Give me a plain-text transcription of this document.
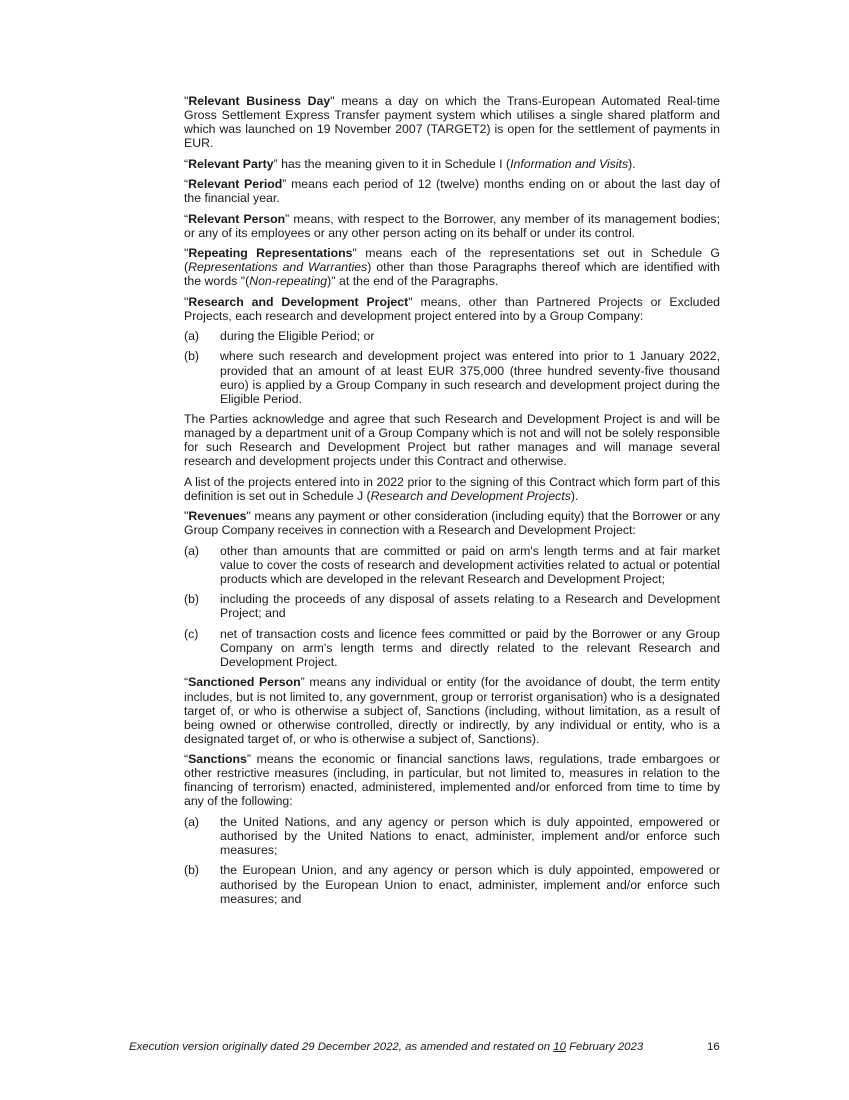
"Relevant Business Day" means a day on which the Trans-European Automated Real-time Gross Settlement Express Transfer payment system which utilises a single shared platform and which was launched on 19 November 2007 (TARGET2) is open for the settlement of payments in EUR.

“Relevant Party” has the meaning given to it in Schedule I (Information and Visits).

“Relevant Period” means each period of 12 (twelve) months ending on or about the last day of the financial year.

“Relevant Person” means, with respect to the Borrower, any member of its management bodies; or any of its employees or any other person acting on its behalf or under its control.

"Repeating Representations" means each of the representations set out in Schedule G (Representations and Warranties) other than those Paragraphs thereof which are identified with the words "(Non-repeating)" at the end of the Paragraphs.

"Research and Development Project" means, other than Partnered Projects or Excluded Projects, each research and development project entered into by a Group Company:

(a)	during the Eligible Period; or
(b)	where such research and development project was entered into prior to 1 January 2022, provided that an amount of at least EUR 375,000 (three hundred seventy-five thousand euro) is applied by a Group Company in such research and development project during the Eligible Period.

The Parties acknowledge and agree that such Research and Development Project is and will be managed by a department unit of a Group Company which is not and will not be solely responsible for such Research and Development Project but rather manages and will manage several research and development projects under this Contract and otherwise.

A list of the projects entered into in 2022 prior to the signing of this Contract which form part of this definition is set out in Schedule J (Research and Development Projects).

"Revenues" means any payment or other consideration (including equity) that the Borrower or any Group Company receives in connection with a Research and Development Project:

(a)	other than amounts that are committed or paid on arm's length terms and at fair market value to cover the costs of research and development activities related to actual or potential products which are developed in the relevant Research and Development Project;
(b)	including the proceeds of any disposal of assets relating to a Research and Development Project; and
(c)	net of transaction costs and licence fees committed or paid by the Borrower or any Group Company on arm's length terms and directly related to the relevant Research and Development Project.

“Sanctioned Person” means any individual or entity (for the avoidance of doubt, the term entity includes, but is not limited to, any government, group or terrorist organisation) who is a designated target of, or who is otherwise a subject of, Sanctions (including, without limitation, as a result of being owned or otherwise controlled, directly or indirectly, by any individual or entity, who is a designated target of, or who is otherwise a subject of, Sanctions).

“Sanctions” means the economic or financial sanctions laws, regulations, trade embargoes or other restrictive measures (including, in particular, but not limited to, measures in relation to the financing of terrorism) enacted, administered, implemented and/or enforced from time to time by any of the following:

(a)	the United Nations, and any agency or person which is duly appointed, empowered or authorised by the United Nations to enact, administer, implement and/or enforce such measures;
(b)	the European Union, and any agency or person which is duly appointed, empowered or authorised by the European Union to enact, administer, implement and/or enforce such measures; and
Execution version originally dated 29 December 2022, as amended and restated on 10 February 2023	16
